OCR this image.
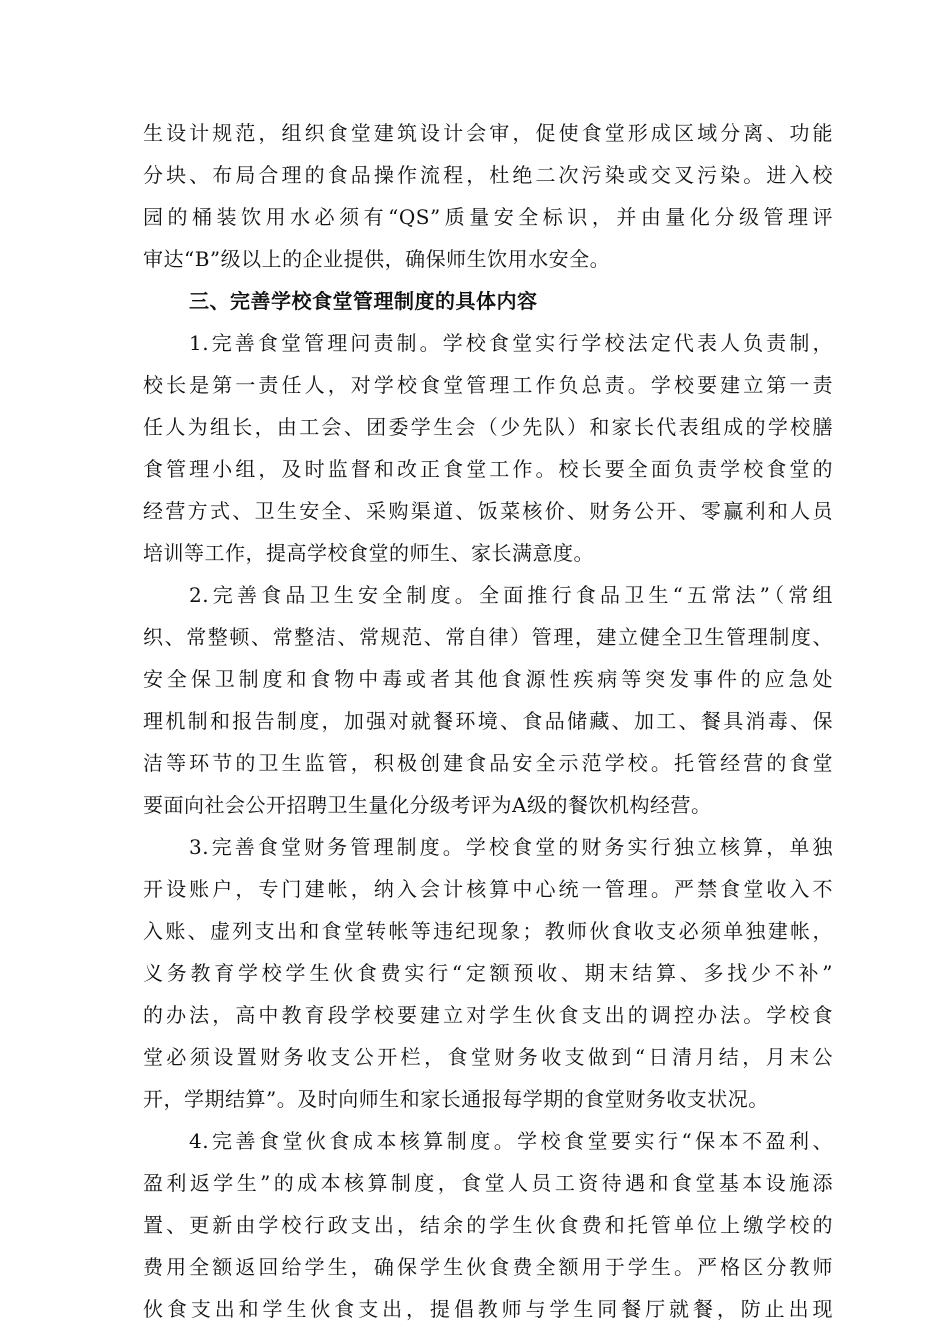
生设计规范，组织食堂建筑设计会审，促使食堂形成区域分离、功能
分块、布局合理的食品操作流程，杜绝二次污染或交叉污染。进入校
园的桶装饮用水必须有“QS”质量安全标识，并由量化分级管理评
审达“B”级以上的企业提供，确保师生饮用水安全。
三、完善学校食堂管理制度的具体内容
1.完善食堂管理问责制。学校食堂实行学校法定代表人负责制，
校长是第一责任人，对学校食堂管理工作负总责。学校要建立第一责
任人为组长，由工会、团委学生会（少先队）和家长代表组成的学校膳
食管理小组，及时监督和改正食堂工作。校长要全面负责学校食堂的
经营方式、卫生安全、采购渠道、饭菜核价、财务公开、零赢利和人员
培训等工作，提高学校食堂的师生、家长满意度。
2.完善食品卫生安全制度。全面推行食品卫生“五常法”（常组
织、常整顿、常整洁、常规范、常自律）管理，建立健全卫生管理制度、
安全保卫制度和食物中毒或者其他食源性疾病等突发事件的应急处
理机制和报告制度，加强对就餐环境、食品储藏、加工、餐具消毒、保
洁等环节的卫生监管，积极创建食品安全示范学校。托管经营的食堂
要面向社会公开招聘卫生量化分级考评为A级的餐饮机构经营。
3.完善食堂财务管理制度。学校食堂的财务实行独立核算，单独
开设账户，专门建帐，纳入会计核算中心统一管理。严禁食堂收入不
入账、虚列支出和食堂转帐等违纪现象；教师伙食收支必须单独建帐，
义务教育学校学生伙食费实行“定额预收、期末结算、多找少不补”
的办法，高中教育段学校要建立对学生伙食支出的调控办法。学校食
堂必须设置财务收支公开栏，食堂财务收支做到“日清月结，月末公
开，学期结算”。及时向师生和家长通报每学期的食堂财务收支状况。
4.完善食堂伙食成本核算制度。学校食堂要实行“保本不盈利、
盈利返学生”的成本核算制度，食堂人员工资待遇和食堂基本设施添
置、更新由学校行政支出，结余的学生伙食费和托管单位上缴学校的
费用全额返回给学生，确保学生伙食费全额用于学生。严格区分教师
伙食支出和学生伙食支出，提倡教师与学生同餐厅就餐，防止出现
